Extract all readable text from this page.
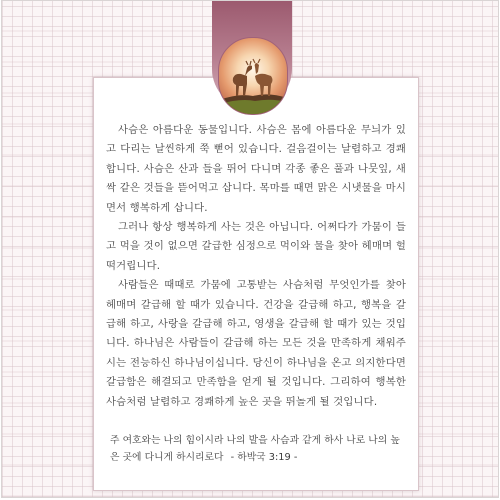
사슴은 아름다운 동물입니다. 사슴은 몸에 아름다운 무늬가 있고 다리는 날씬하게 쭉 뻗어 있습니다. 걸음걸이는 날렵하고 경쾌합니다. 사슴은 산과 들을 뛰어 다니며 각종 좋은 풀과 나뭇잎, 새싹 같은 것들을 뜯어먹고 삽니다. 목마를 때면 맑은 시냇물을 마시면서 행복하게 삽니다.

그러나 항상 행복하게 사는 것은 아닙니다. 어쩌다가 가뭄이 들고 먹을 것이 없으면 갈급한 심정으로 먹이와 물을 찾아 헤매며 헐떡거립니다.

사람들은 때때로 가뭄에 고통받는 사슴처럼 무엇인가를 찾아 헤매며 갈급해 할 때가 있습니다. 건강을 갈급해 하고, 행복을 갈급해 하고, 사랑을 갈급해 하고, 영생을 갈급해 할 때가 있는 것입니다. 하나님은 사람들이 갈급해 하는 모든 것을 만족하게 채워주시는 전능하신 하나님이십니다. 당신이 하나님을 온고 의지한다면 갈급함은 해결되고 만족함을 얻게 될 것입니다. 그리하여 행복한 사슴처럼 날렵하고 경쾌하게 높은 곳을 뛰놀게 될 것입니다.

주 여호와는 나의 힘이시라 나의 발을 사슴과 같게 하사 나로 나의 높은 곳에 다니게 하시리로다 - 하박국 3:19 -
